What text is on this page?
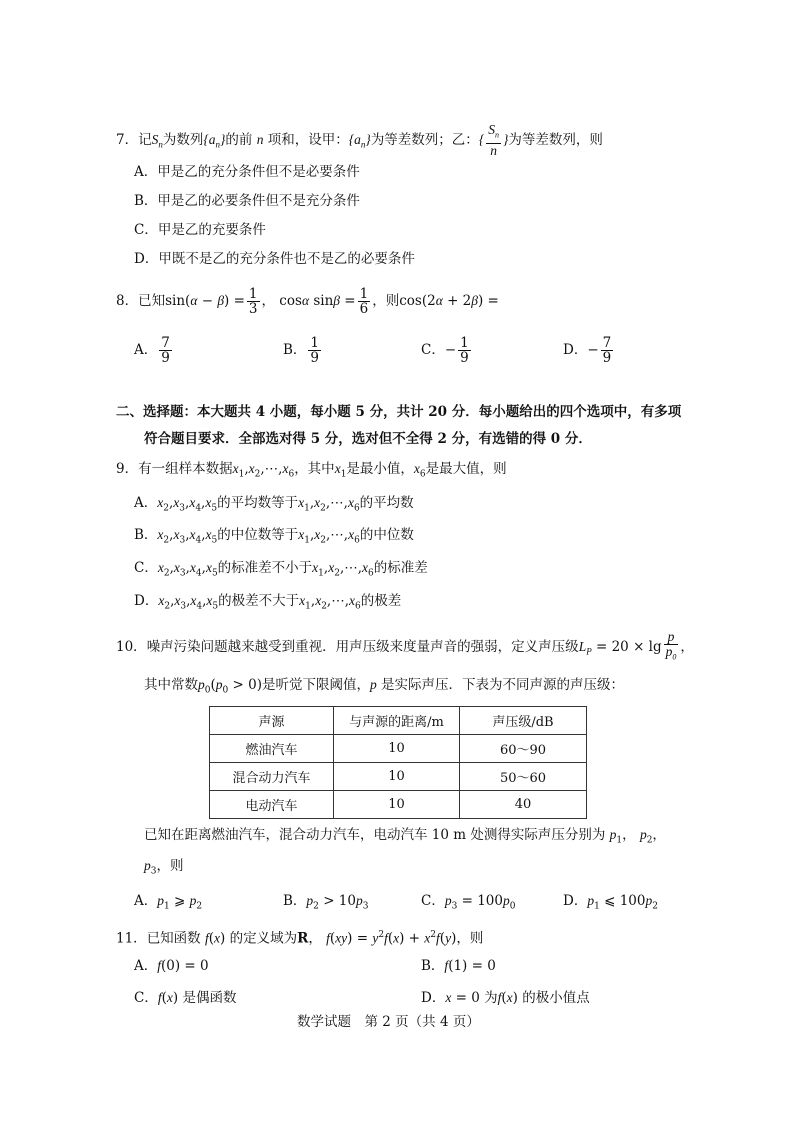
7．记$S_n$为数列$\{a_n\}$的前 n 项和，设甲：$\{a_n\}$为等差数列；乙：{ $\frac{S_n}{n}$ }为等差数列，则
A．甲是乙的充分条件但不是必要条件
B．甲是乙的必要条件但不是充分条件
C．甲是乙的充要条件
D．甲既不是乙的充分条件也不是乙的必要条件
8．已知$\sin(\alpha - \beta) = \frac{1}{3}$ ， cosα $\sin\beta = \frac{1}{6}$ ，则cos(2α + 2β) =
A． $\frac{7}{9}$	B． $\frac{1}{9}$	C．− $\frac{1}{9}$	D．− $\frac{7}{9}$
二、选择题：本大题共 4 小题，每小题 5 分，共计 20 分．每小题给出的四个选项中，有多项
符合题目要求．全部选对得 5 分，选对但不全得 2 分，有选错的得 0 分．
9．有一组样本数据$x_1,x_2,\cdots,x_6$，其中$x_1$是最小值，$x_6$是最大值，则
A．$x_2,x_3,x_4,x_5$的平均数等于$x_1,x_2,\cdots,x_6$的平均数
B．$x_2,x_3,x_4,x_5$的中位数等于$x_1,x_2,\cdots,x_6$的中位数
C．$x_2,x_3,x_4,x_5$的标准差不小于$x_1,x_2,\cdots,x_6$的标准差
D．$x_2,x_3,x_4,x_5$的极差不大于$x_1,x_2,\cdots,x_6$的极差
10．噪声污染问题越来越受到重视．用声压级来度量声音的强弱，定义声压级$L_P = 20 \times \lg \frac{p}{p_0}$ ，
其中常数$p_0(p_0 > 0)$是听觉下限阈值，p 是实际声压．下表为不同声源的声压级：
声源	与声源的距离/m	声压级/dB
燃油汽车	10	60～90
混合动力汽车	10	50～60
电动汽车	10	40
已知在距离燃油汽车，混合动力汽车，电动汽车 10 m 处测得实际声压分别为 $p_1$， $p_2$，
$p_3$，则
A．$p_1$ ⩾ $p_2$	B．$p_2 > 10p_3$	C．$p_3 = 100p_0$	D．$p_1$ ⩽ $100p_2$
11．已知函数 f(x) 的定义域为R， $f(xy) = y^2f(x) + x^2f(y)$，则
A．f(0) = 0	B．f(1) = 0
C．f(x) 是偶函数	D．x = 0 为f(x) 的极小值点
数学试题　第 2 页（共 4 页）
